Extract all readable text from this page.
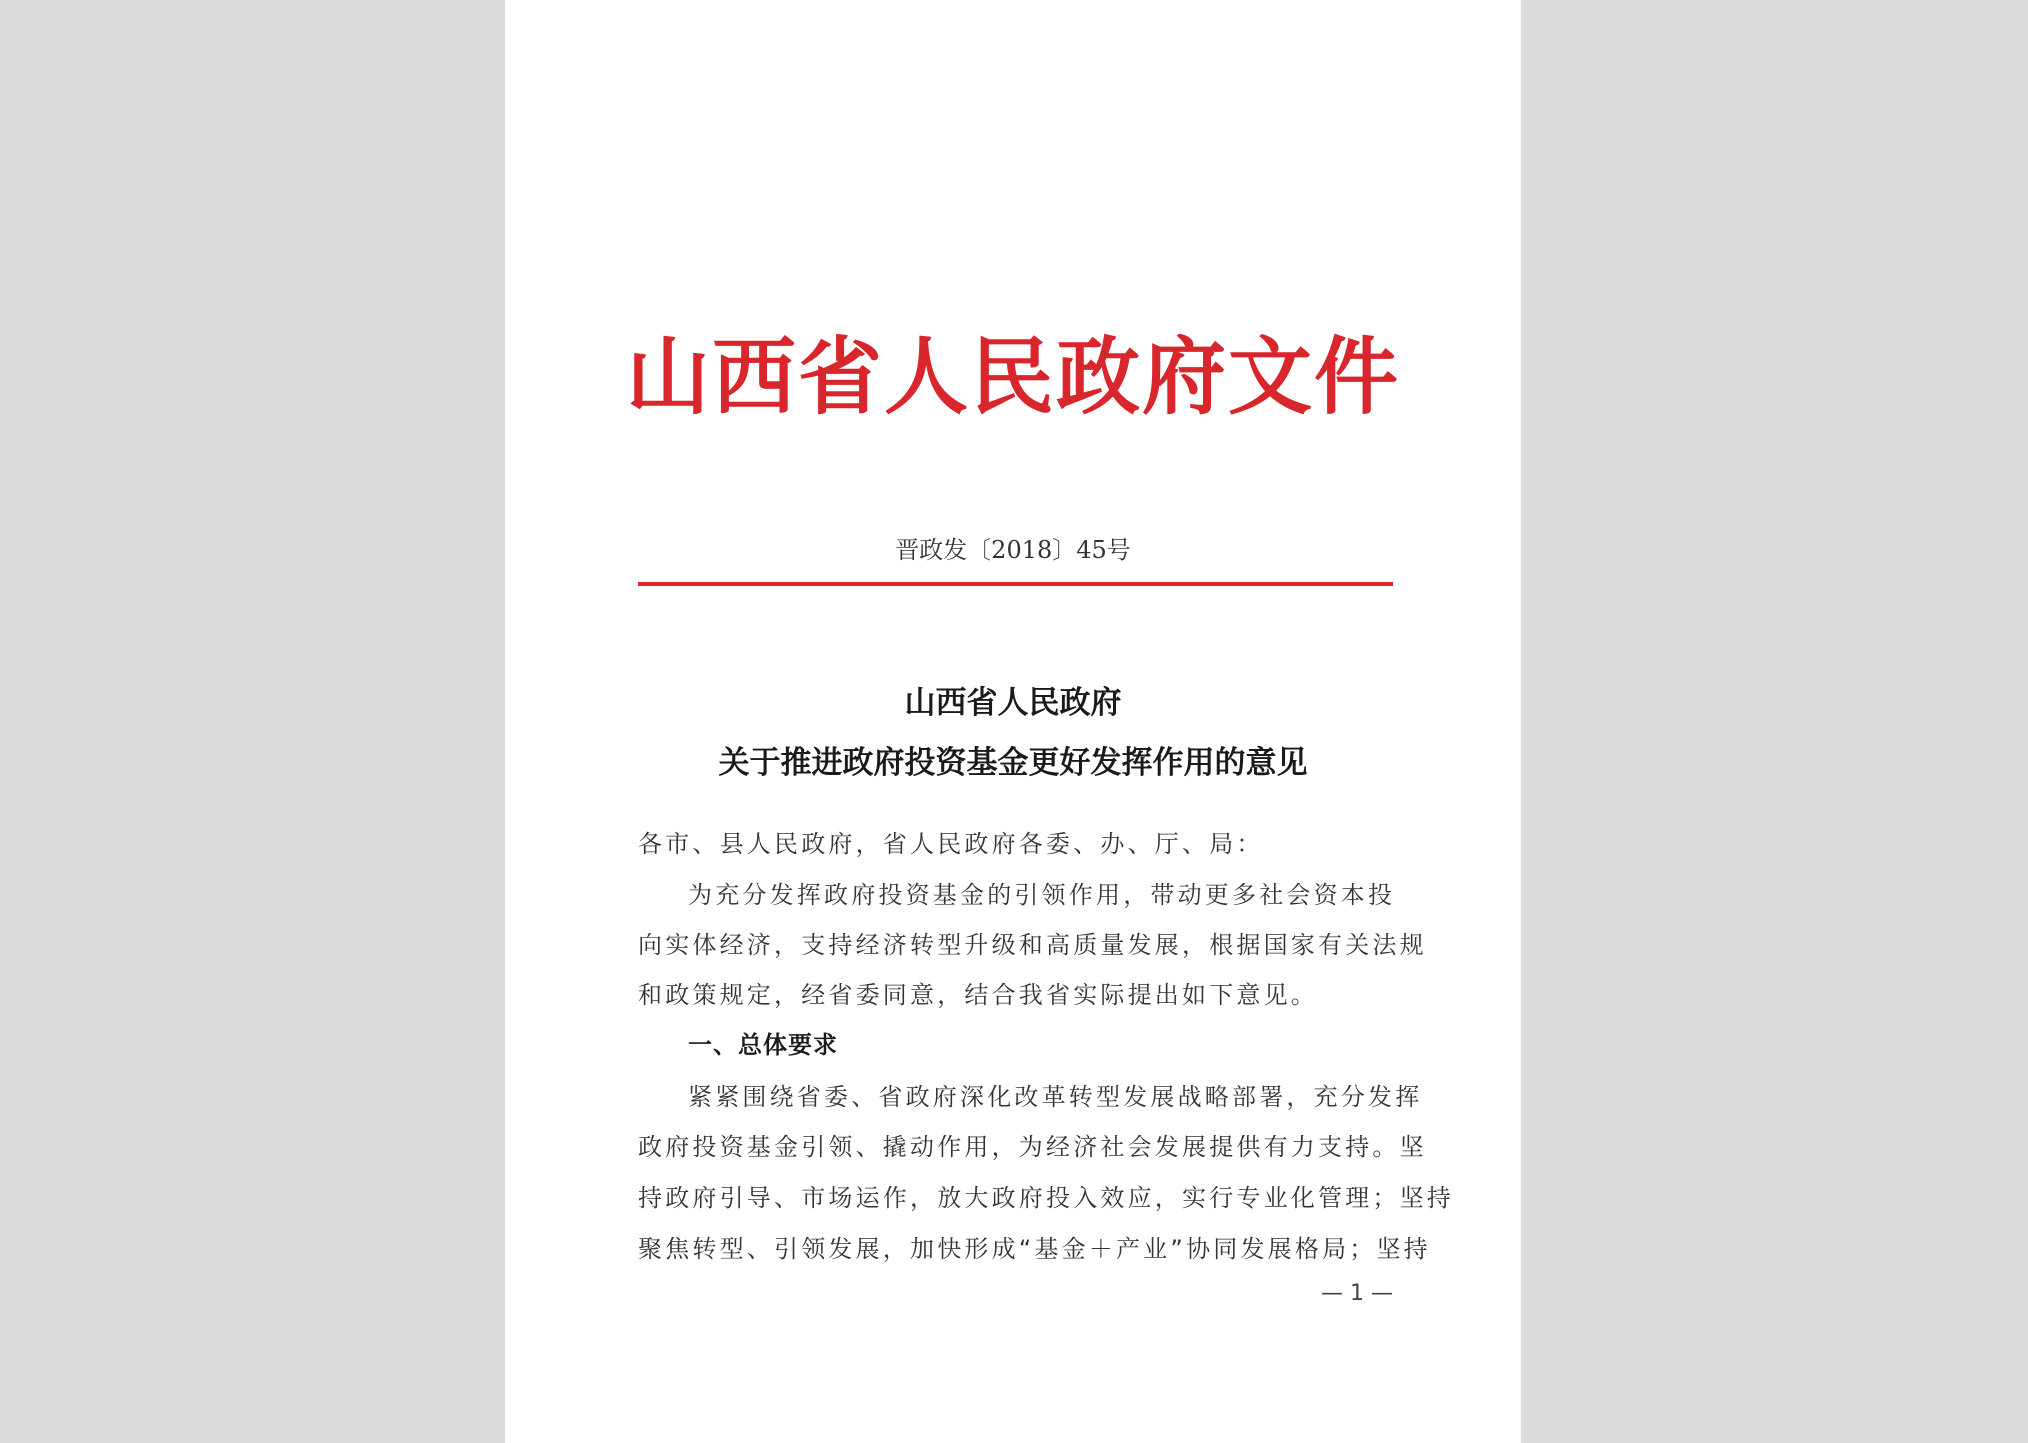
山西省人民政府文件
晋政发〔2018〕45号
山西省人民政府
关于推进政府投资基金更好发挥作用的意见
各市、县人民政府，省人民政府各委、办、厅、局：
为充分发挥政府投资基金的引领作用，带动更多社会资本投
向实体经济，支持经济转型升级和高质量发展，根据国家有关法规
和政策规定，经省委同意，结合我省实际提出如下意见。
一、总体要求
紧紧围绕省委、省政府深化改革转型发展战略部署，充分发挥
政府投资基金引领、撬动作用，为经济社会发展提供有力支持。坚
持政府引导、市场运作，放大政府投入效应，实行专业化管理；坚持
聚焦转型、引领发展，加快形成“基金＋产业”协同发展格局；坚持
— 1 —
